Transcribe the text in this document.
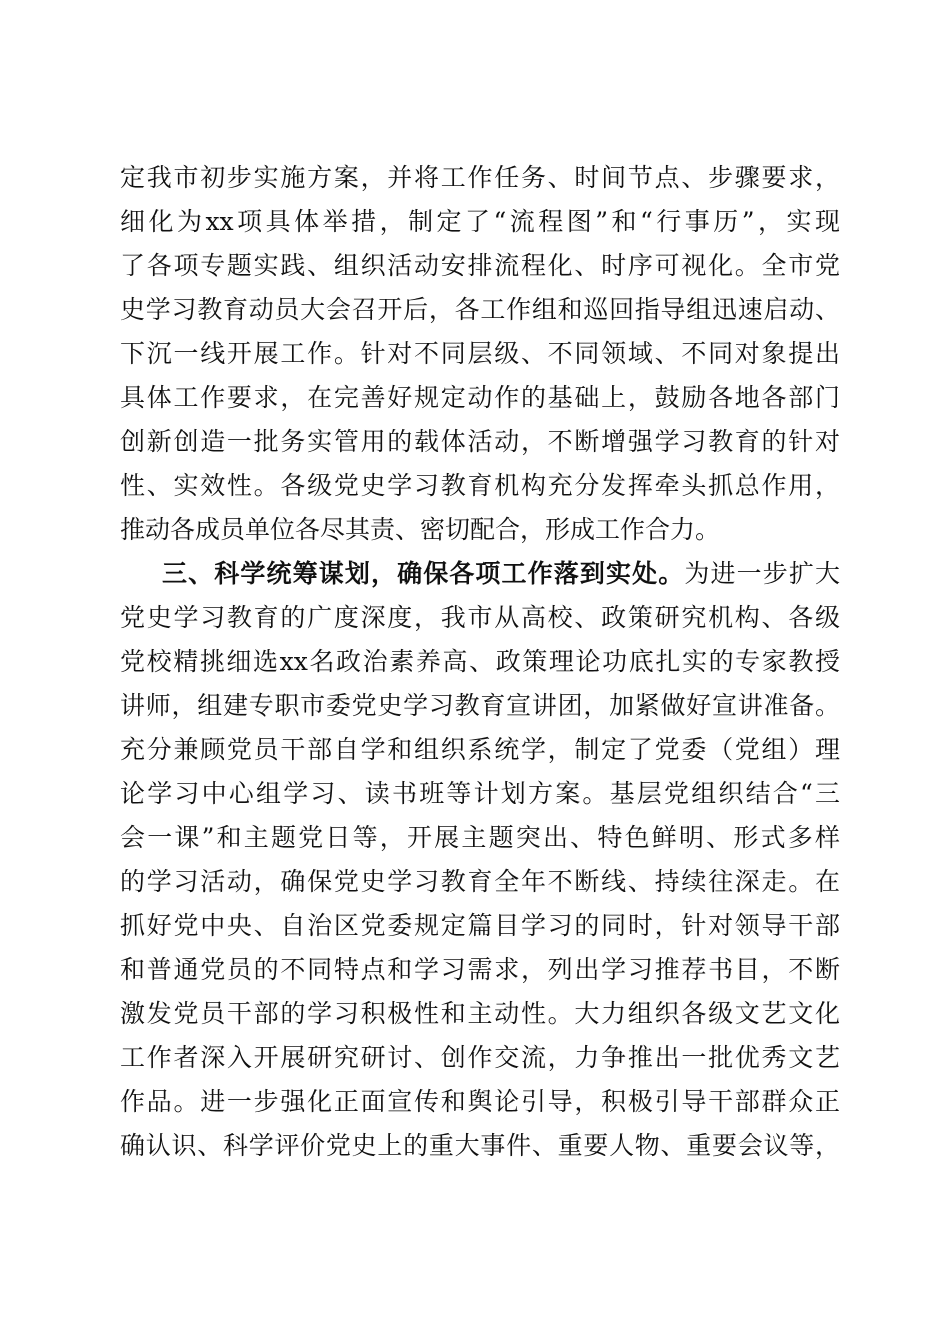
定我市初步实施方案，并将工作任务、时间节点、步骤要求，
细化为xx项具体举措，制定了“流程图”和“行事历”，实现
了各项专题实践、组织活动安排流程化、时序可视化。全市党
史学习教育动员大会召开后，各工作组和巡回指导组迅速启动、
下沉一线开展工作。针对不同层级、不同领域、不同对象提出
具体工作要求，在完善好规定动作的基础上，鼓励各地各部门
创新创造一批务实管用的载体活动，不断增强学习教育的针对
性、实效性。各级党史学习教育机构充分发挥牵头抓总作用，
推动各成员单位各尽其责、密切配合，形成工作合力。
三、科学统筹谋划，确保各项工作落到实处。为进一步扩大
党史学习教育的广度深度，我市从高校、政策研究机构、各级
党校精挑细选xx名政治素养高、政策理论功底扎实的专家教授
讲师，组建专职市委党史学习教育宣讲团，加紧做好宣讲准备。
充分兼顾党员干部自学和组织系统学，制定了党委（党组）理
论学习中心组学习、读书班等计划方案。基层党组织结合“三
会一课”和主题党日等，开展主题突出、特色鲜明、形式多样
的学习活动，确保党史学习教育全年不断线、持续往深走。在
抓好党中央、自治区党委规定篇目学习的同时，针对领导干部
和普通党员的不同特点和学习需求，列出学习推荐书目，不断
激发党员干部的学习积极性和主动性。大力组织各级文艺文化
工作者深入开展研究研讨、创作交流，力争推出一批优秀文艺
作品。进一步强化正面宣传和舆论引导，积极引导干部群众正
确认识、科学评价党史上的重大事件、重要人物、重要会议等，
